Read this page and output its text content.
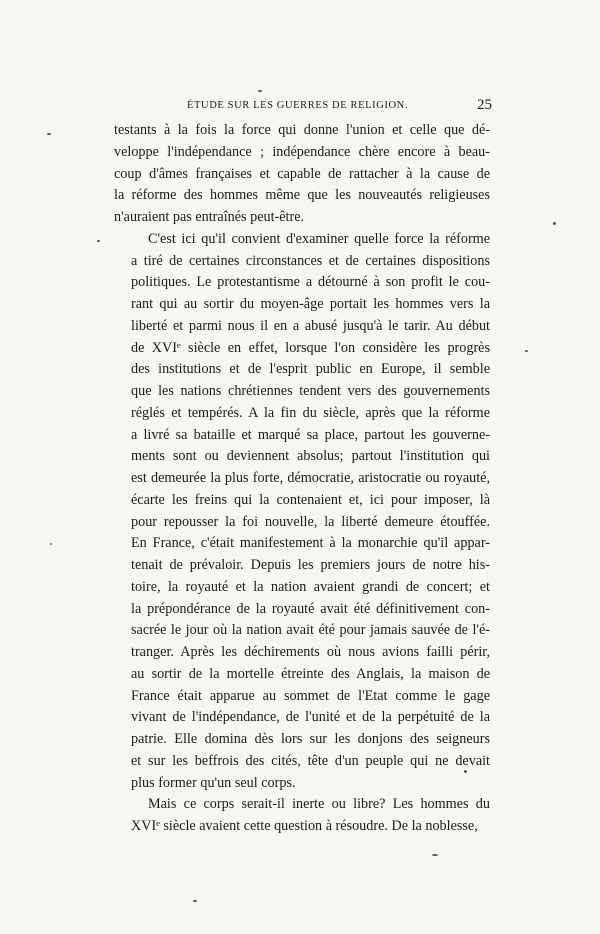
ÉTUDE SUR LES GUERRES DE RELIGION.	25

testants à la fois la force qui donne l'union et celle que dé-
veloppe l'indépendance ; indépendance chère encore à beau-
coup d'âmes françaises et capable de rattacher à la cause de
la réforme des hommes même que les nouveautés religieuses
n'auraient pas entraînés peut-être.

C'est ici qu'il convient d'examiner quelle force la réforme
a tiré de certaines circonstances et de certaines dispositions
politiques. Le protestantisme a détourné à son profit le cou-
rant qui au sortir du moyen-âge portait les hommes vers la
liberté et parmi nous il en a abusé jusqu'à le tarir. Au début
de XVIᵉ siècle en effet, lorsque l'on considère les progrès
des institutions et de l'esprit public en Europe, il semble
que les nations chrétiennes tendent vers des gouvernements
réglés et tempérés. A la fin du siècle, après que la réforme
a livré sa bataille et marqué sa place, partout les gouverne-
ments sont ou deviennent absolus; partout l'institution qui
est demeurée la plus forte, démocratie, aristocratie ou royauté,
écarte les freins qui la contenaient et, ici pour imposer, là
pour repousser la foi nouvelle, la liberté demeure étouffée.
En France, c'était manifestement à la monarchie qu'il appar-
tenait de prévaloir. Depuis les premiers jours de notre his-
toire, la royauté et la nation avaient grandi de concert; et
la prépondérance de la royauté avait été définitivement con-
sacrée le jour où la nation avait été pour jamais sauvée de l'é-
tranger. Après les déchirements où nous avions failli périr,
au sortir de la mortelle étreinte des Anglais, la maison de
France était apparue au sommet de l'Etat comme le gage
vivant de l'indépendance, de l'unité et de la perpétuité de la
patrie. Elle domina dès lors sur les donjons des seigneurs
et sur les beffrois des cités, tête d'un peuple qui ne devait
plus former qu'un seul corps.

Mais ce corps serait-il inerte ou libre? Les hommes du
XVIᵉ siècle avaient cette question à résoudre. De la noblesse,
